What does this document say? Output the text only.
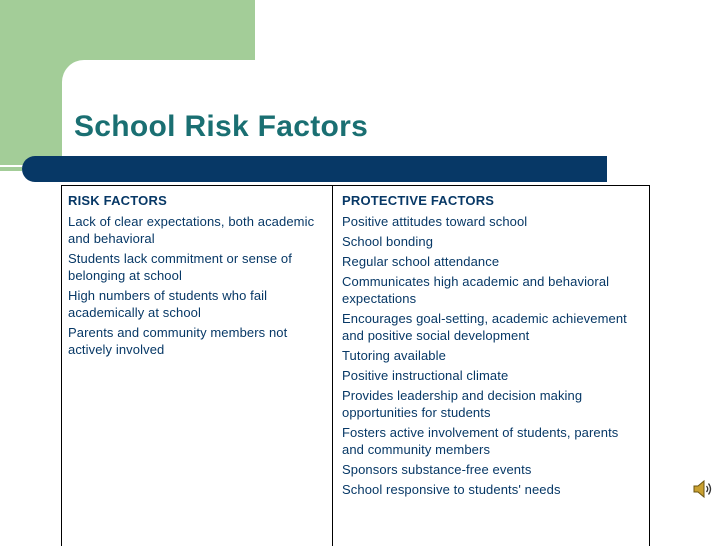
School Risk Factors
RISK FACTORS
Lack of clear expectations, both academic and behavioral
Students lack commitment or sense of belonging at school
High numbers of students who fail academically at school
Parents and community members not actively involved
PROTECTIVE FACTORS
Positive attitudes toward school
School bonding
Regular school attendance
Communicates high academic and behavioral expectations
Encourages goal-setting, academic achievement and positive social development
Tutoring available
Positive instructional climate
Provides leadership and decision making opportunities for students
Fosters active involvement of students, parents and community members
Sponsors substance-free events
School responsive to students' needs
